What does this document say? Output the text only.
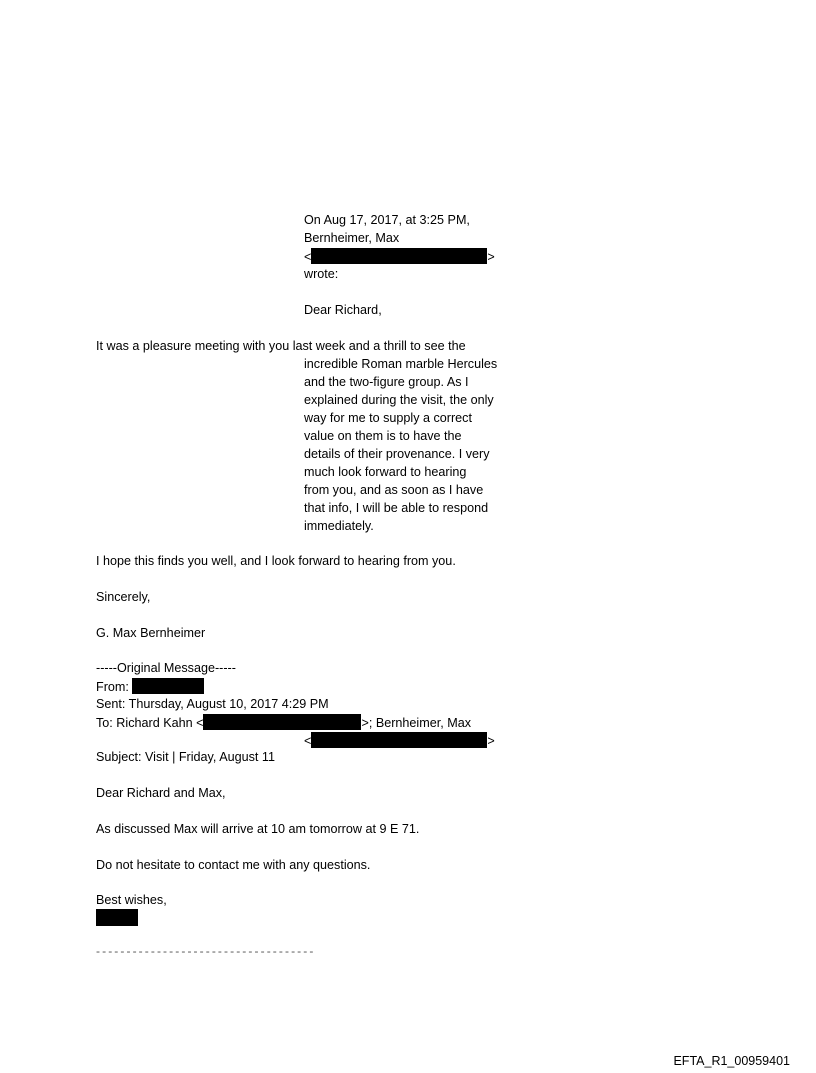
On Aug 17, 2017, at 3:25 PM,
Bernheimer, Max
<	>
wrote:
Dear Richard,
It was a pleasure meeting with you last week and a thrill to see the
incredible Roman marble Hercules
and the two-figure group. As I
explained during the visit, the only
way for me to supply a correct
value on them is to have the
details of their provenance. I very
much look forward to hearing
from you, and as soon as I have
that info, I will be able to respond
immediately.
I hope this finds you well, and I look forward to hearing from you.
Sincerely,
G. Max Bernheimer
-----Original Message-----
From:
Sent: Thursday, August 10, 2017 4:29 PM
To: Richard Kahn <	>; Bernheimer, Max
<	>
Subject: Visit | Friday, August 11
Dear Richard and Max,
As discussed Max will arrive at 10 am tomorrow at 9 E 71.
Do not hesitate to contact me with any questions.
Best wishes,
------------------------------------
EFTA_R1_00959401
